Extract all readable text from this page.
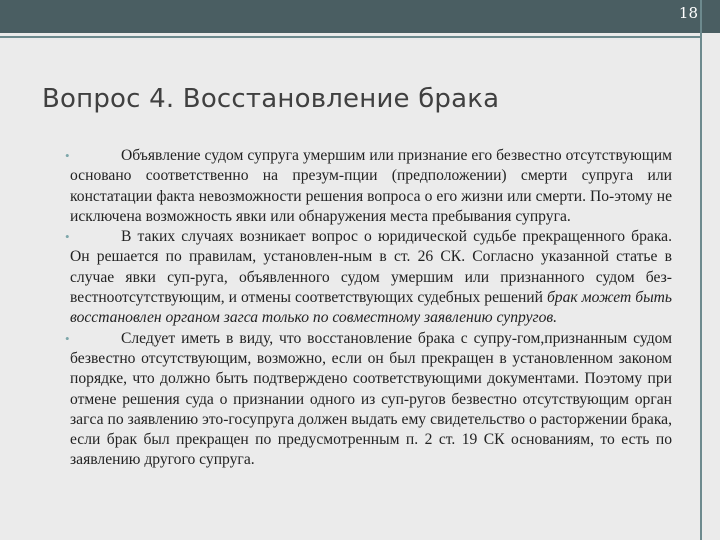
18
Вопрос 4. Восстановление брака

•	Объявление судом супруга умершим или признание его безвестно отсутствующим основано соответственно на презум-пции (предположении) смерти супруга или констатации факта невозможности решения вопроса о его жизни или смерти. По-этому не исключена возможность явки или обнаружения места пребывания супруга.

•	В таких случаях возникает вопрос о юридической судьбе прекращенного брака. Он решается по правилам, установлен-ным в ст. 26 СК. Согласно указанной статье в случае явки суп-руга, объявленного судом умершим или признанного судом без-вестноотсутствующим, и отмены соответствующих судебных решений брак может быть восстановлен органом загса только по совместному заявлению супругов.

•	Следует иметь в виду, что восстановление брака с супру-гом,признанным судом безвестно отсутствующим, возможно, если он был прекращен в установленном законом порядке, что должно быть подтверждено соответствующими документами. Поэтому при отмене решения суда о признании одного из суп-ругов безвестно отсутствующим орган загса по заявлению это-госупруга должен выдать ему свидетельство о расторжении брака, если брак был прекращен по предусмотренным п. 2 ст. 19 СК основаниям, то есть по заявлению другого супруга.
